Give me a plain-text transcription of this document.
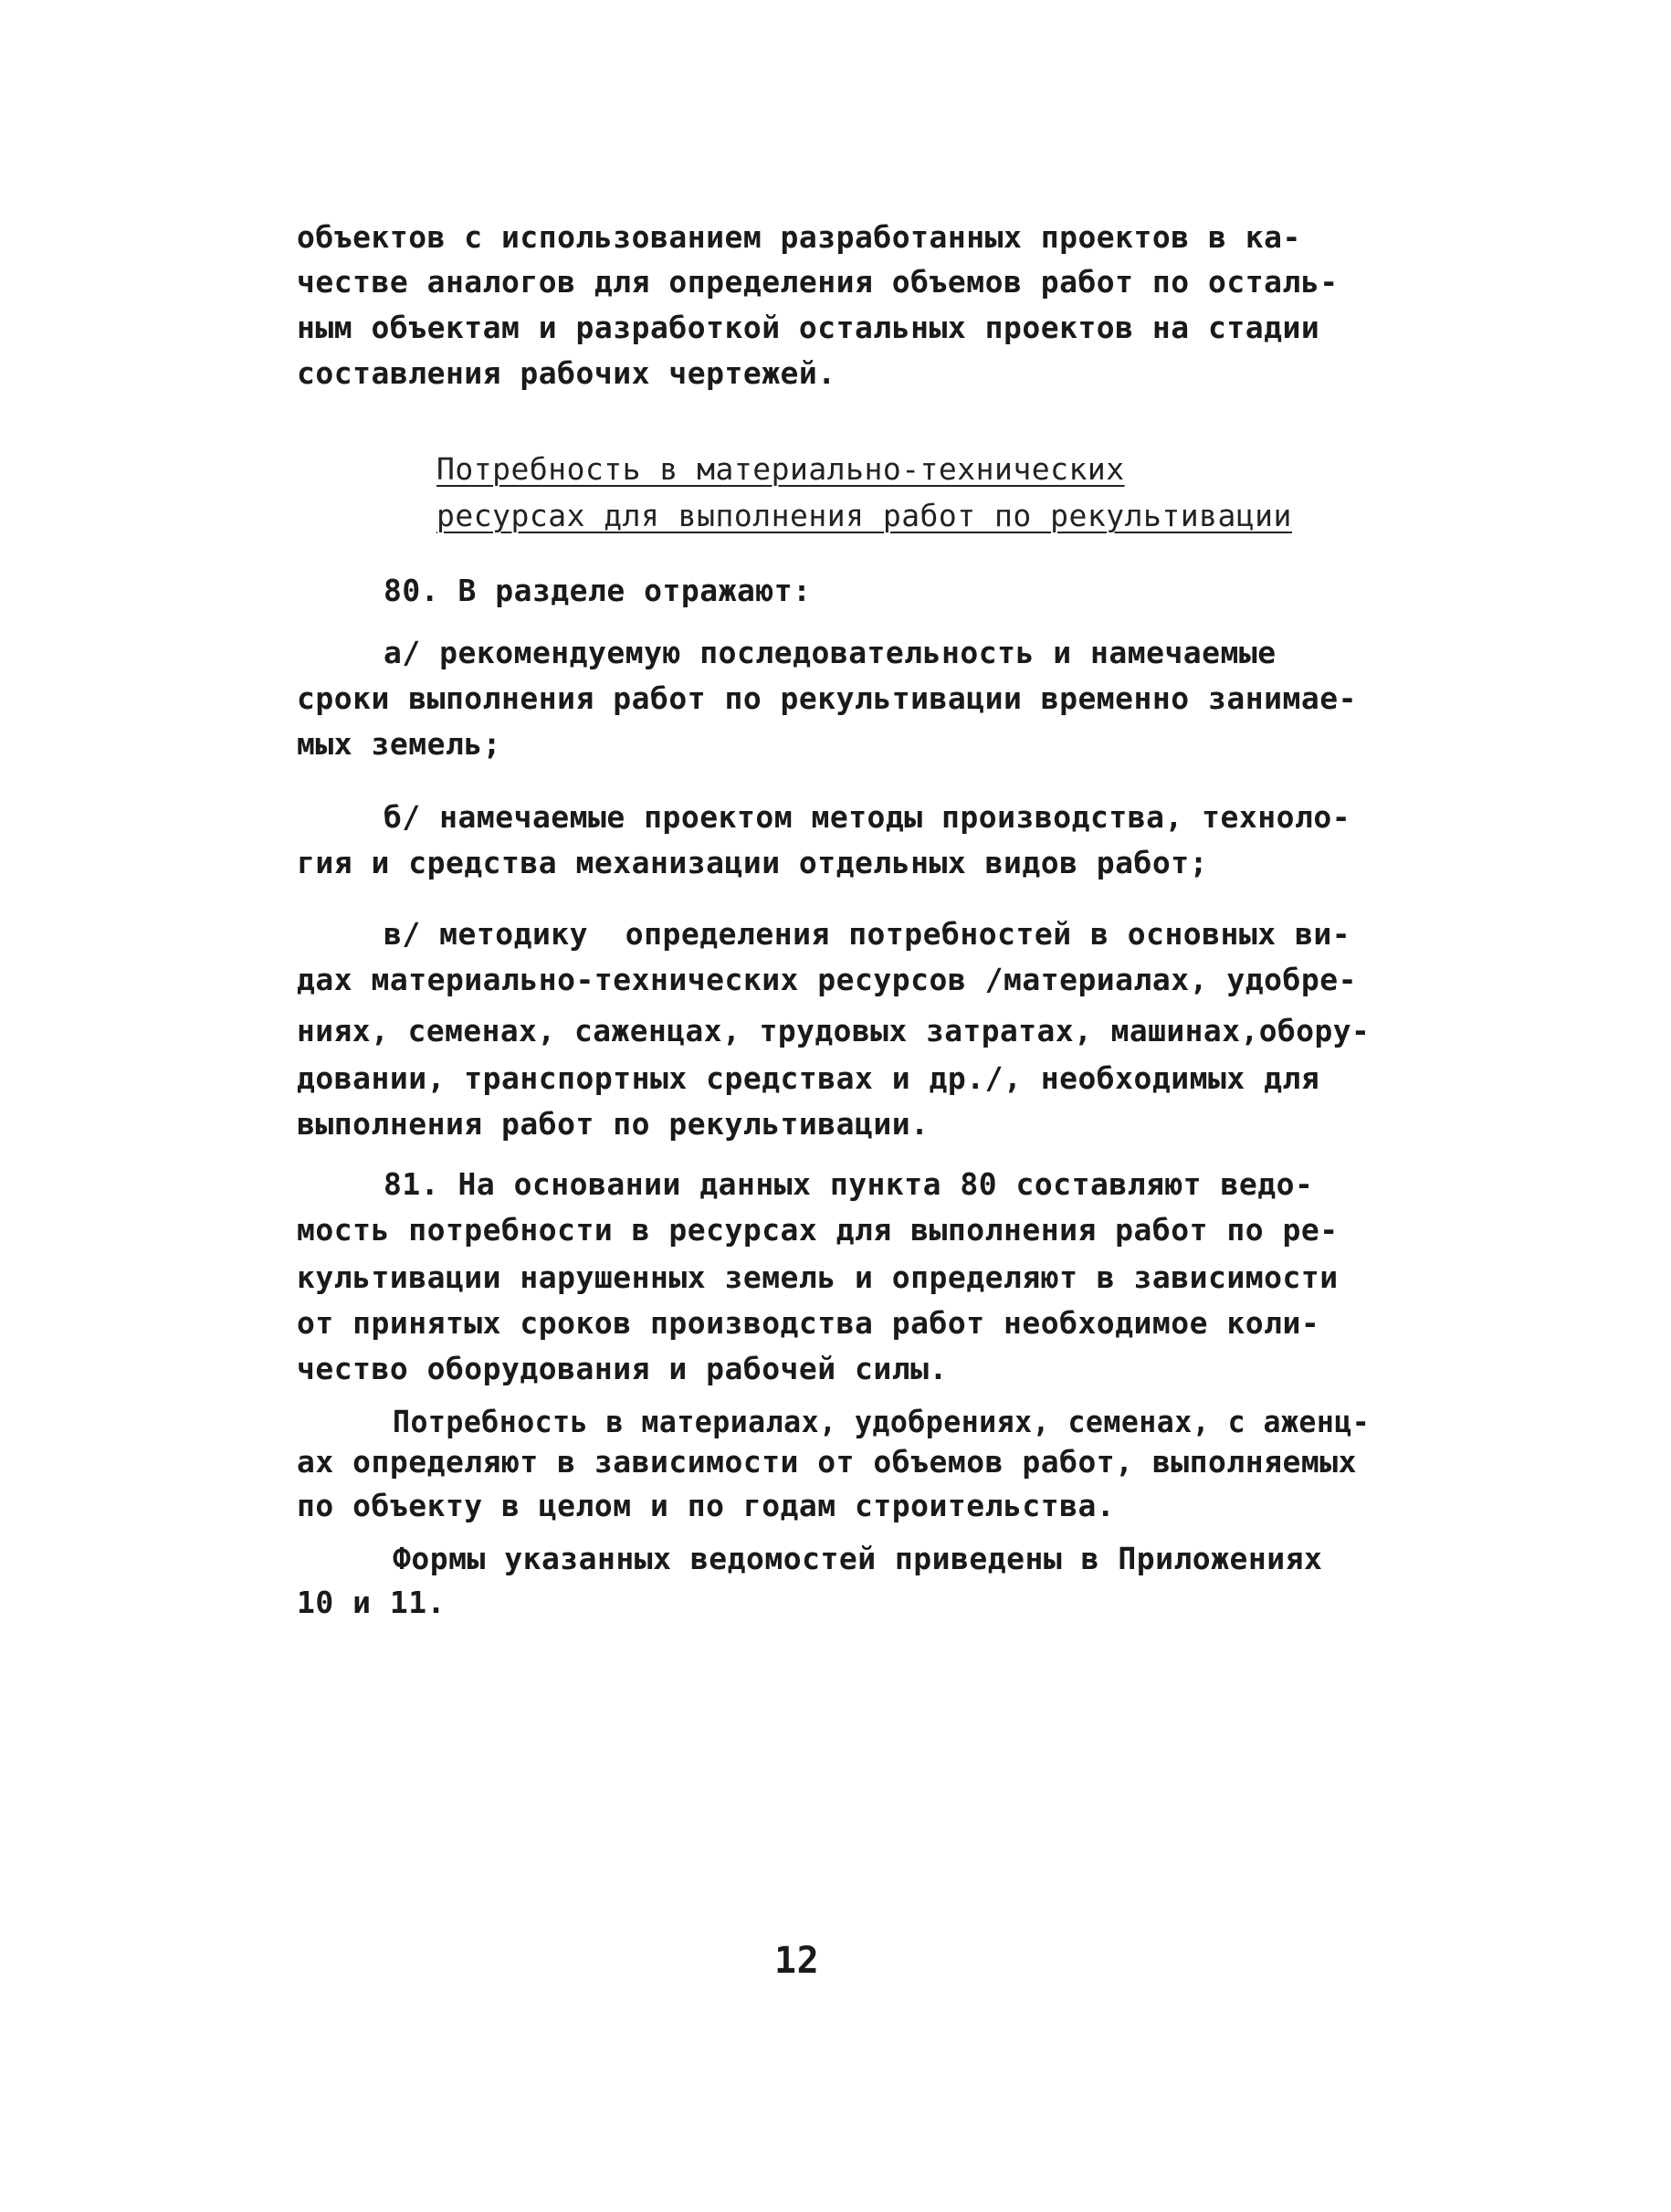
объектов с использованием разработанных проектов в ка-
честве аналогов для определения объемов работ по осталь-
ным объектам и разработкой остальных проектов на стадии
составления рабочих чертежей.
Потребность в материально-технических
ресурсах для выполнения работ по рекультивации
80. В разделе отражают:
а/ рекомендуемую последовательность и намечаемые
сроки выполнения работ по рекультивации временно занимае-
мых земель;
б/ намечаемые проектом методы производства, техноло-
гия и средства механизации отдельных видов работ;
в/ методику  определения потребностей в основных ви-
дах материально-технических ресурсов /материалах, удобре-
ниях, семенах, саженцах, трудовых затратах, машинах,обору-
довании, транспортных средствах и др./, необходимых для
выполнения работ по рекультивации.
81. На основании данных пункта 80 составляют ведо-
мость потребности в ресурсах для выполнения работ по ре-
культивации нарушенных земель и определяют в зависимости
от принятых сроков производства работ необходимое коли-
чество оборудования и рабочей силы.
Потребность в материалах, удобрениях, семенах, с аженц-
ах определяют в зависимости от объемов работ, выполняемых
по объекту в целом и по годам строительства.
Формы указанных ведомостей приведены в Приложениях
10 и 11.
12
